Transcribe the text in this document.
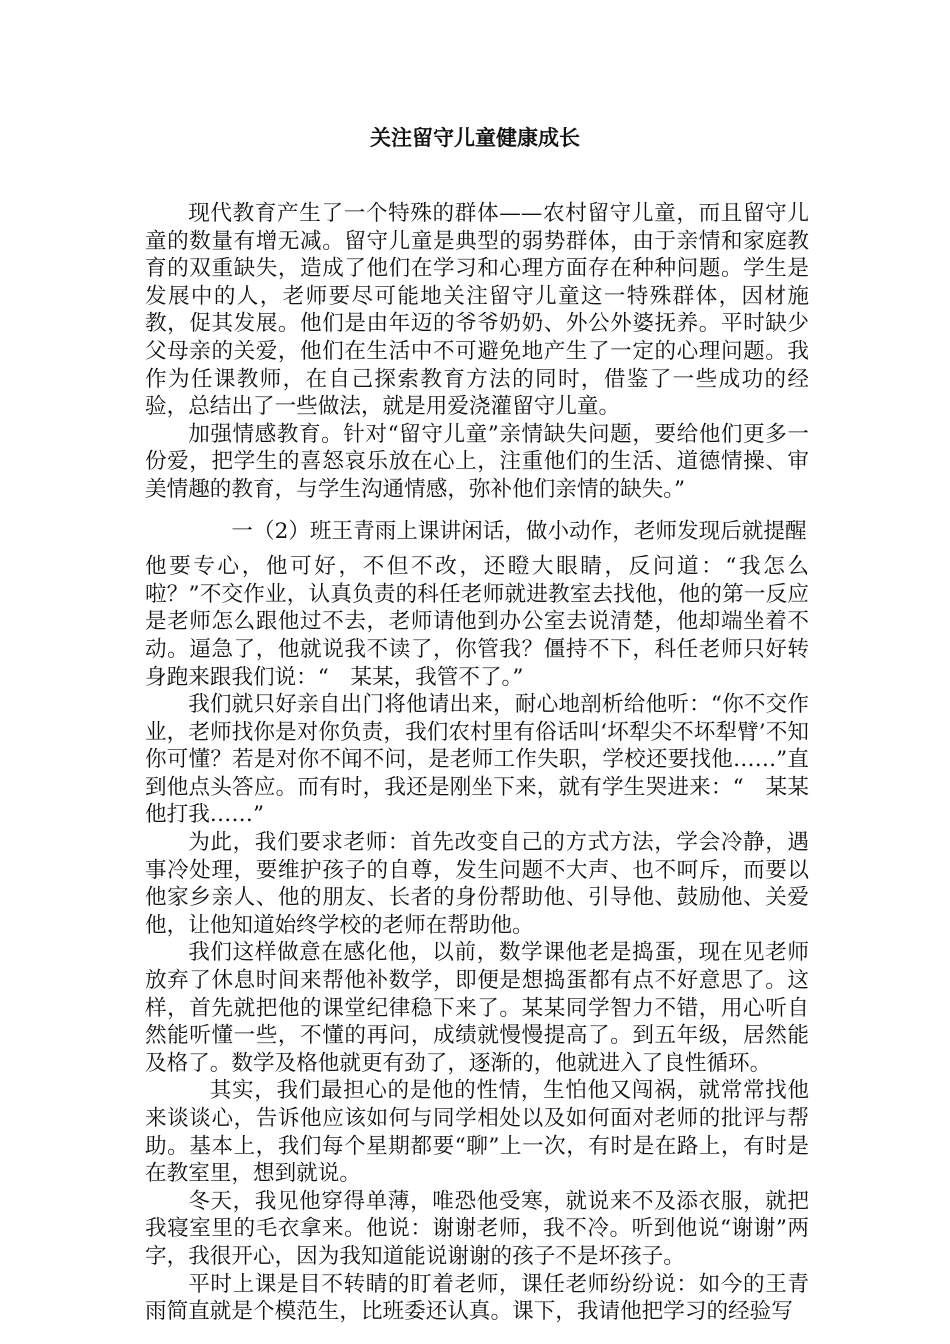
关注留守儿童健康成长

现代教育产生了一个特殊的群体——农村留守儿童，而且留守儿童的数量有增无减。留守儿童是典型的弱势群体，由于亲情和家庭教育的双重缺失，造成了他们在学习和心理方面存在种种问题。学生是发展中的人，老师要尽可能地关注留守儿童这一特殊群体，因材施教，促其发展。他们是由年迈的爷爷奶奶、外公外婆抚养。平时缺少父母亲的关爱，他们在生活中不可避免地产生了一定的心理问题。我作为任课教师，在自己探索教育方法的同时，借鉴了一些成功的经验，总结出了一些做法，就是用爱浇灌留守儿童。

加强情感教育。针对“留守儿童”亲情缺失问题，要给他们更多一份爱，把学生的喜怒哀乐放在心上，注重他们的生活、道德情操、审美情趣的教育，与学生沟通情感，弥补他们亲情的缺失。”

一（2）班王青雨上课讲闲话，做小动作，老师发现后就提醒

他要专心，他可好，不但不改，还瞪大眼睛，反问道：“我怎么啦？”不交作业，认真负责的科任老师就进教室去找他，他的第一反应是老师怎么跟他过不去，老师请他到办公室去说清楚，他却端坐着不动。逼急了，他就说我不读了，你管我？僵持不下，科任老师只好转身跑来跟我们说：“　某某，我管不了。”

我们就只好亲自出门将他请出来，耐心地剖析给他听：“你不交作业，老师找你是对你负责，我们农村里有俗话叫‘坏犁尖不坏犁臂’不知你可懂？若是对你不闻不问，是老师工作失职，学校还要找他……”直到他点头答应。而有时，我还是刚坐下来，就有学生哭进来：“　某某他打我……”

为此，我们要求老师：首先改变自己的方式方法，学会冷静，遇事冷处理，要维护孩子的自尊，发生问题不大声、也不呵斥，而要以他家乡亲人、他的朋友、长者的身份帮助他、引导他、鼓励他、关爱他，让他知道始终学校的老师在帮助他。

我们这样做意在感化他，以前，数学课他老是捣蛋，现在见老师放弃了休息时间来帮他补数学，即便是想捣蛋都有点不好意思了。这样，首先就把他的课堂纪律稳下来了。某某同学智力不错，用心听自然能听懂一些，不懂的再问，成绩就慢慢提高了。到五年级，居然能及格了。数学及格他就更有劲了，逐渐的，他就进入了良性循环。

其实，我们最担心的是他的性情，生怕他又闯祸，就常常找他来谈谈心，告诉他应该如何与同学相处以及如何面对老师的批评与帮助。基本上，我们每个星期都要“聊”上一次，有时是在路上，有时是在教室里，想到就说。

冬天，我见他穿得单薄，唯恐他受寒，就说来不及添衣服，就把我寝室里的毛衣拿来。他说：谢谢老师，我不冷。听到他说“谢谢”两字，我很开心，因为我知道能说谢谢的孩子不是坏孩子。

平时上课是目不转睛的盯着老师，课任老师纷纷说：如今的王青雨简直就是个模范生，比班委还认真。课下，我请他把学习的经验写
